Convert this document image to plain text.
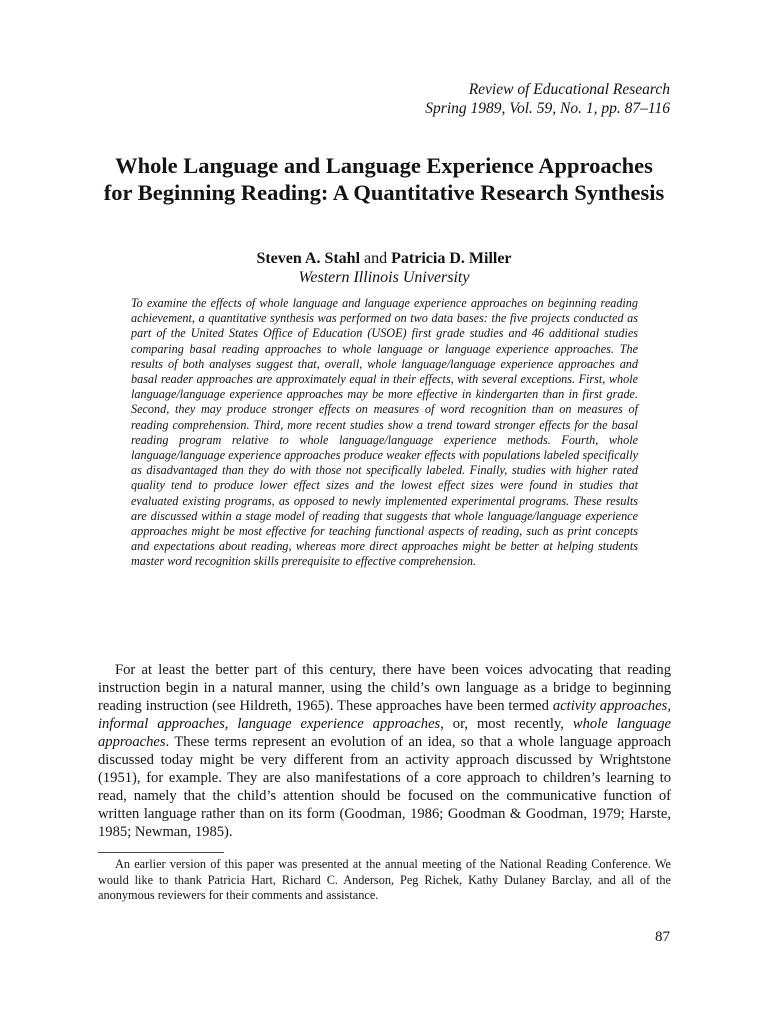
Review of Educational Research
Spring 1989, Vol. 59, No. 1, pp. 87–116
Whole Language and Language Experience Approaches for Beginning Reading: A Quantitative Research Synthesis
Steven A. Stahl and Patricia D. Miller
Western Illinois University

To examine the effects of whole language and language experience approaches on beginning reading achievement, a quantitative synthesis was performed on two data bases: the five projects conducted as part of the United States Office of Education (USOE) first grade studies and 46 additional studies comparing basal reading approaches to whole language or language experience approaches. The results of both analyses suggest that, overall, whole language/language experience approaches and basal reader approaches are approximately equal in their effects, with several exceptions. First, whole language/language experience approaches may be more effective in kindergarten than in first grade. Second, they may produce stronger effects on measures of word recognition than on measures of reading comprehension. Third, more recent studies show a trend toward stronger effects for the basal reading program relative to whole language/language experience methods. Fourth, whole language/language experience approaches produce weaker effects with populations labeled specifically as disadvantaged than they do with those not specifically labeled. Finally, studies with higher rated quality tend to produce lower effect sizes and the lowest effect sizes were found in studies that evaluated existing programs, as opposed to newly implemented experimental programs. These results are discussed within a stage model of reading that suggests that whole language/language experience approaches might be most effective for teaching functional aspects of reading, such as print concepts and expectations about reading, whereas more direct approaches might be better at helping students master word recognition skills prerequisite to effective comprehension.

For at least the better part of this century, there have been voices advocating that reading instruction begin in a natural manner, using the child’s own language as a bridge to beginning reading instruction (see Hildreth, 1965). These approaches have been termed activity approaches, informal approaches, language experience approaches, or, most recently, whole language approaches. These terms represent an evolution of an idea, so that a whole language approach discussed today might be very different from an activity approach discussed by Wrightstone (1951), for example. They are also manifestations of a core approach to children’s learning to read, namely that the child’s attention should be focused on the communicative function of written language rather than on its form (Goodman, 1986; Goodman & Goodman, 1979; Harste, 1985; Newman, 1985).

An earlier version of this paper was presented at the annual meeting of the National Reading Conference. We would like to thank Patricia Hart, Richard C. Anderson, Peg Richek, Kathy Dulaney Barclay, and all of the anonymous reviewers for their comments and assistance.

87
